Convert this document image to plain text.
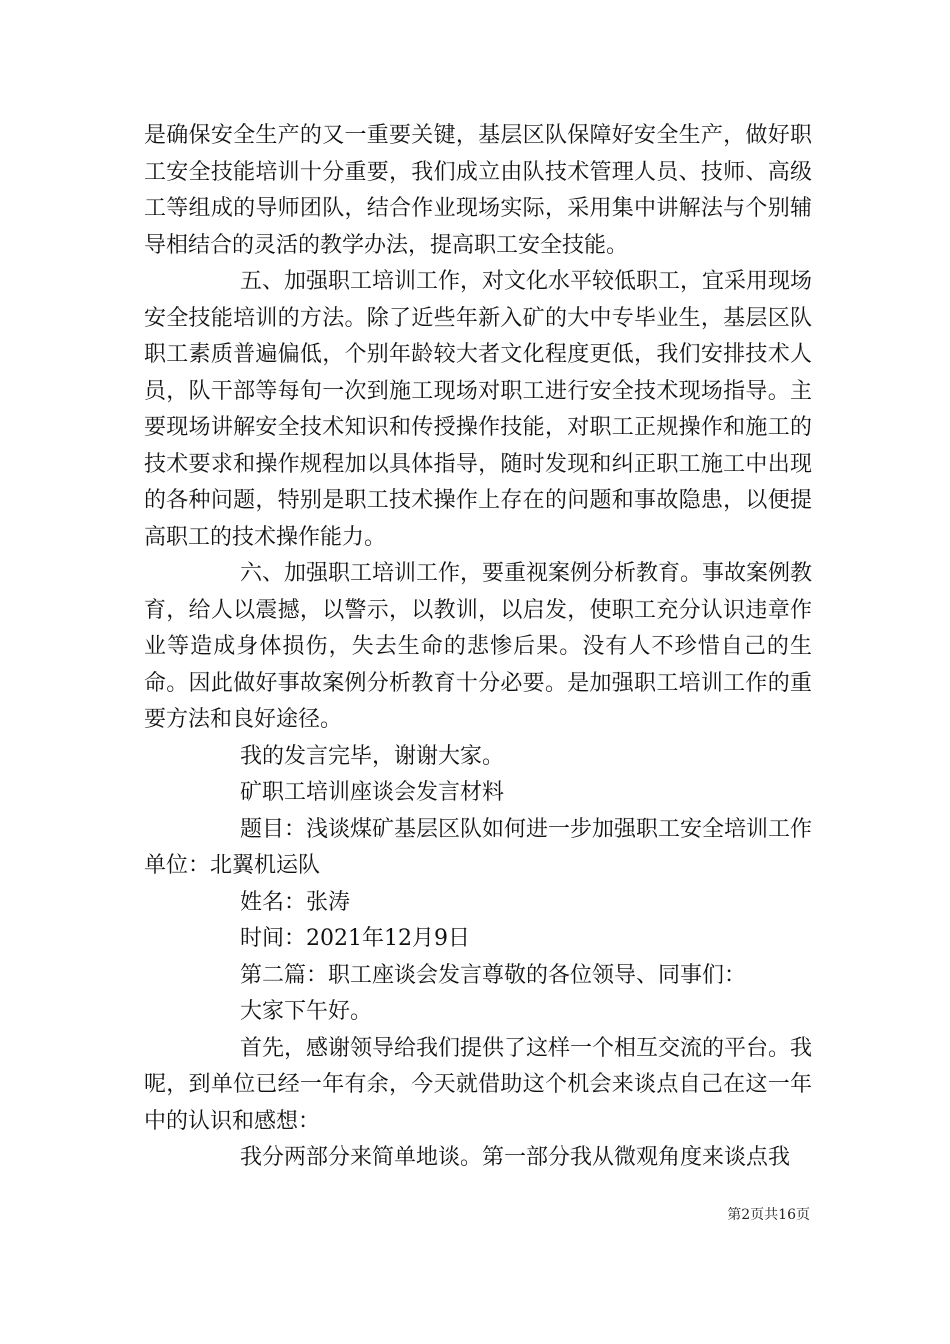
是确保安全生产的又一重要关键，基层区队保障好安全生产，做好职工安全技能培训十分重要，我们成立由队技术管理人员、技师、高级工等组成的导师团队，结合作业现场实际，采用集中讲解法与个别辅导相结合的灵活的教学办法，提高职工安全技能。

五、加强职工培训工作，对文化水平较低职工，宜采用现场安全技能培训的方法。除了近些年新入矿的大中专毕业生，基层区队职工素质普遍偏低，个别年龄较大者文化程度更低，我们安排技术人员，队干部等每旬一次到施工现场对职工进行安全技术现场指导。主要现场讲解安全技术知识和传授操作技能，对职工正规操作和施工的技术要求和操作规程加以具体指导，随时发现和纠正职工施工中出现的各种问题，特别是职工技术操作上存在的问题和事故隐患，以便提高职工的技术操作能力。

六、加强职工培训工作，要重视案例分析教育。事故案例教育，给人以震撼，以警示，以教训，以启发，使职工充分认识违章作业等造成身体损伤，失去生命的悲惨后果。没有人不珍惜自己的生命。因此做好事故案例分析教育十分必要。是加强职工培训工作的重要方法和良好途径。

我的发言完毕，谢谢大家。

矿职工培训座谈会发言材料

题目：浅谈煤矿基层区队如何进一步加强职工安全培训工作单位：北翼机运队

姓名：张涛

时间：2021年12月9日

第二篇：职工座谈会发言尊敬的各位领导、同事们：

大家下午好。

首先，感谢领导给我们提供了这样一个相互交流的平台。我呢，到单位已经一年有余，今天就借助这个机会来谈点自己在这一年中的认识和感想：

我分两部分来简单地谈。第一部分我从微观角度来谈点我

第2页共16页
